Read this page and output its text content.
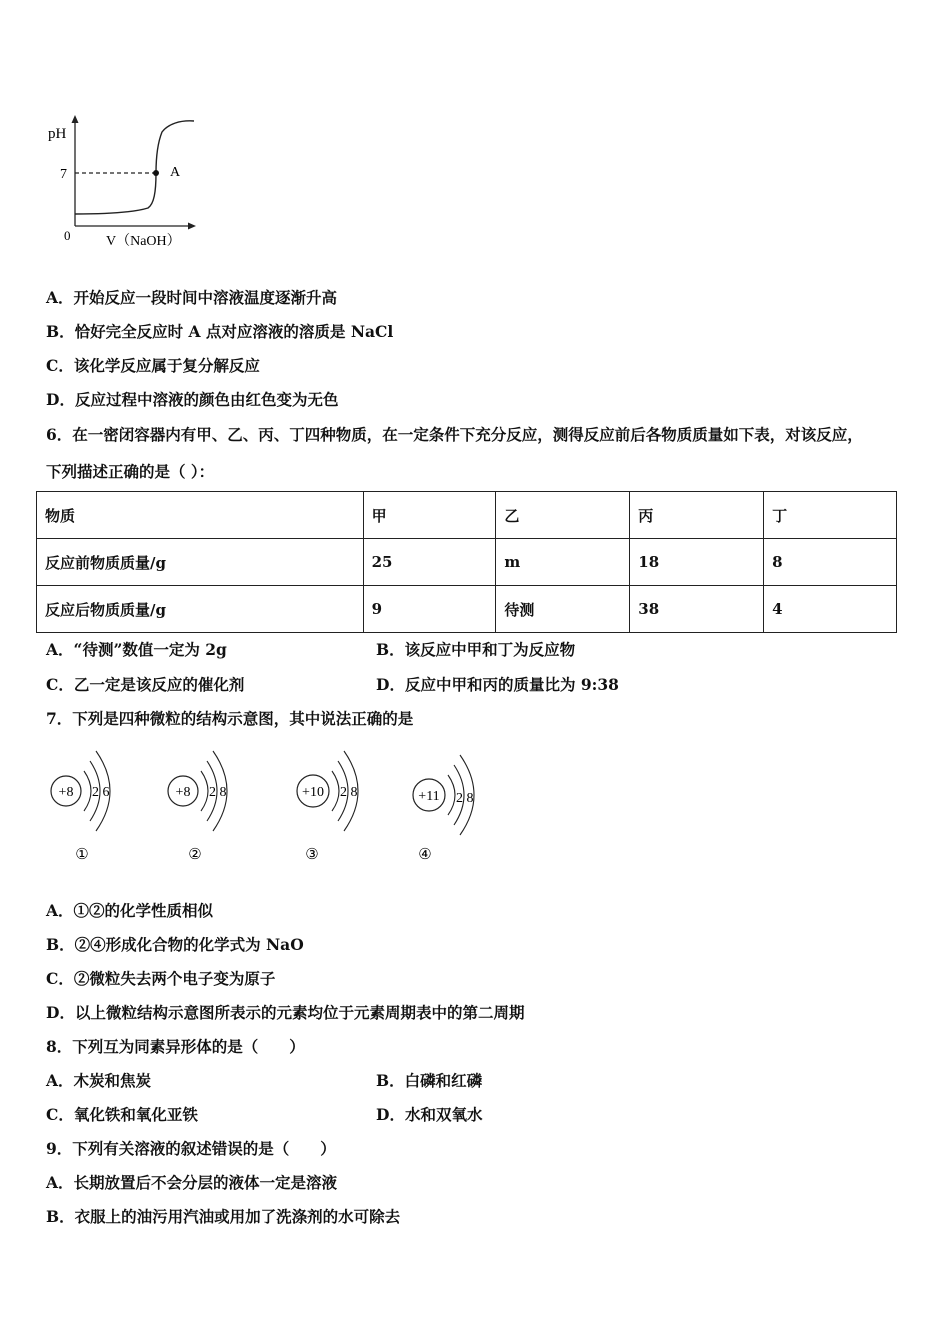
pH
7
0	V（NaOH）
A
A．开始反应一段时间中溶液温度逐渐升高
B．恰好完全反应时 A 点对应溶液的溶质是 NaCl
C．该化学反应属于复分解反应
D．反应过程中溶液的颜色由红色变为无色
6．在一密闭容器内有甲、乙、丙、丁四种物质，在一定条件下充分反应，测得反应前后各物质质量如下表，对该反应，
下列描述正确的是（ ）：
物质	甲	乙	丙	丁
反应前物质质量/g	25	m	18	8
反应后物质质量/g	9	待测	38	4
A．“待测”数值一定为 2g	B．该反应中甲和丁为反应物
C．乙一定是该反应的催化剂	D．反应中甲和丙的质量比为 9:38
7．下列是四种微粒的结构示意图，其中说法正确的是
+8 2 6
①
+8 2 8
②
+10 2 8
③
+11 2 8
④
A．①②的化学性质相似
B．②④形成化合物的化学式为 NaO
C．②微粒失去两个电子变为原子
D．以上微粒结构示意图所表示的元素均位于元素周期表中的第二周期
8．下列互为同素异形体的是（　　）
A．木炭和焦炭	B．白磷和红磷
C．氧化铁和氧化亚铁	D．水和双氧水
9．下列有关溶液的叙述错误的是（　　）
A．长期放置后不会分层的液体一定是溶液
B．衣服上的油污用汽油或用加了洗涤剂的水可除去
